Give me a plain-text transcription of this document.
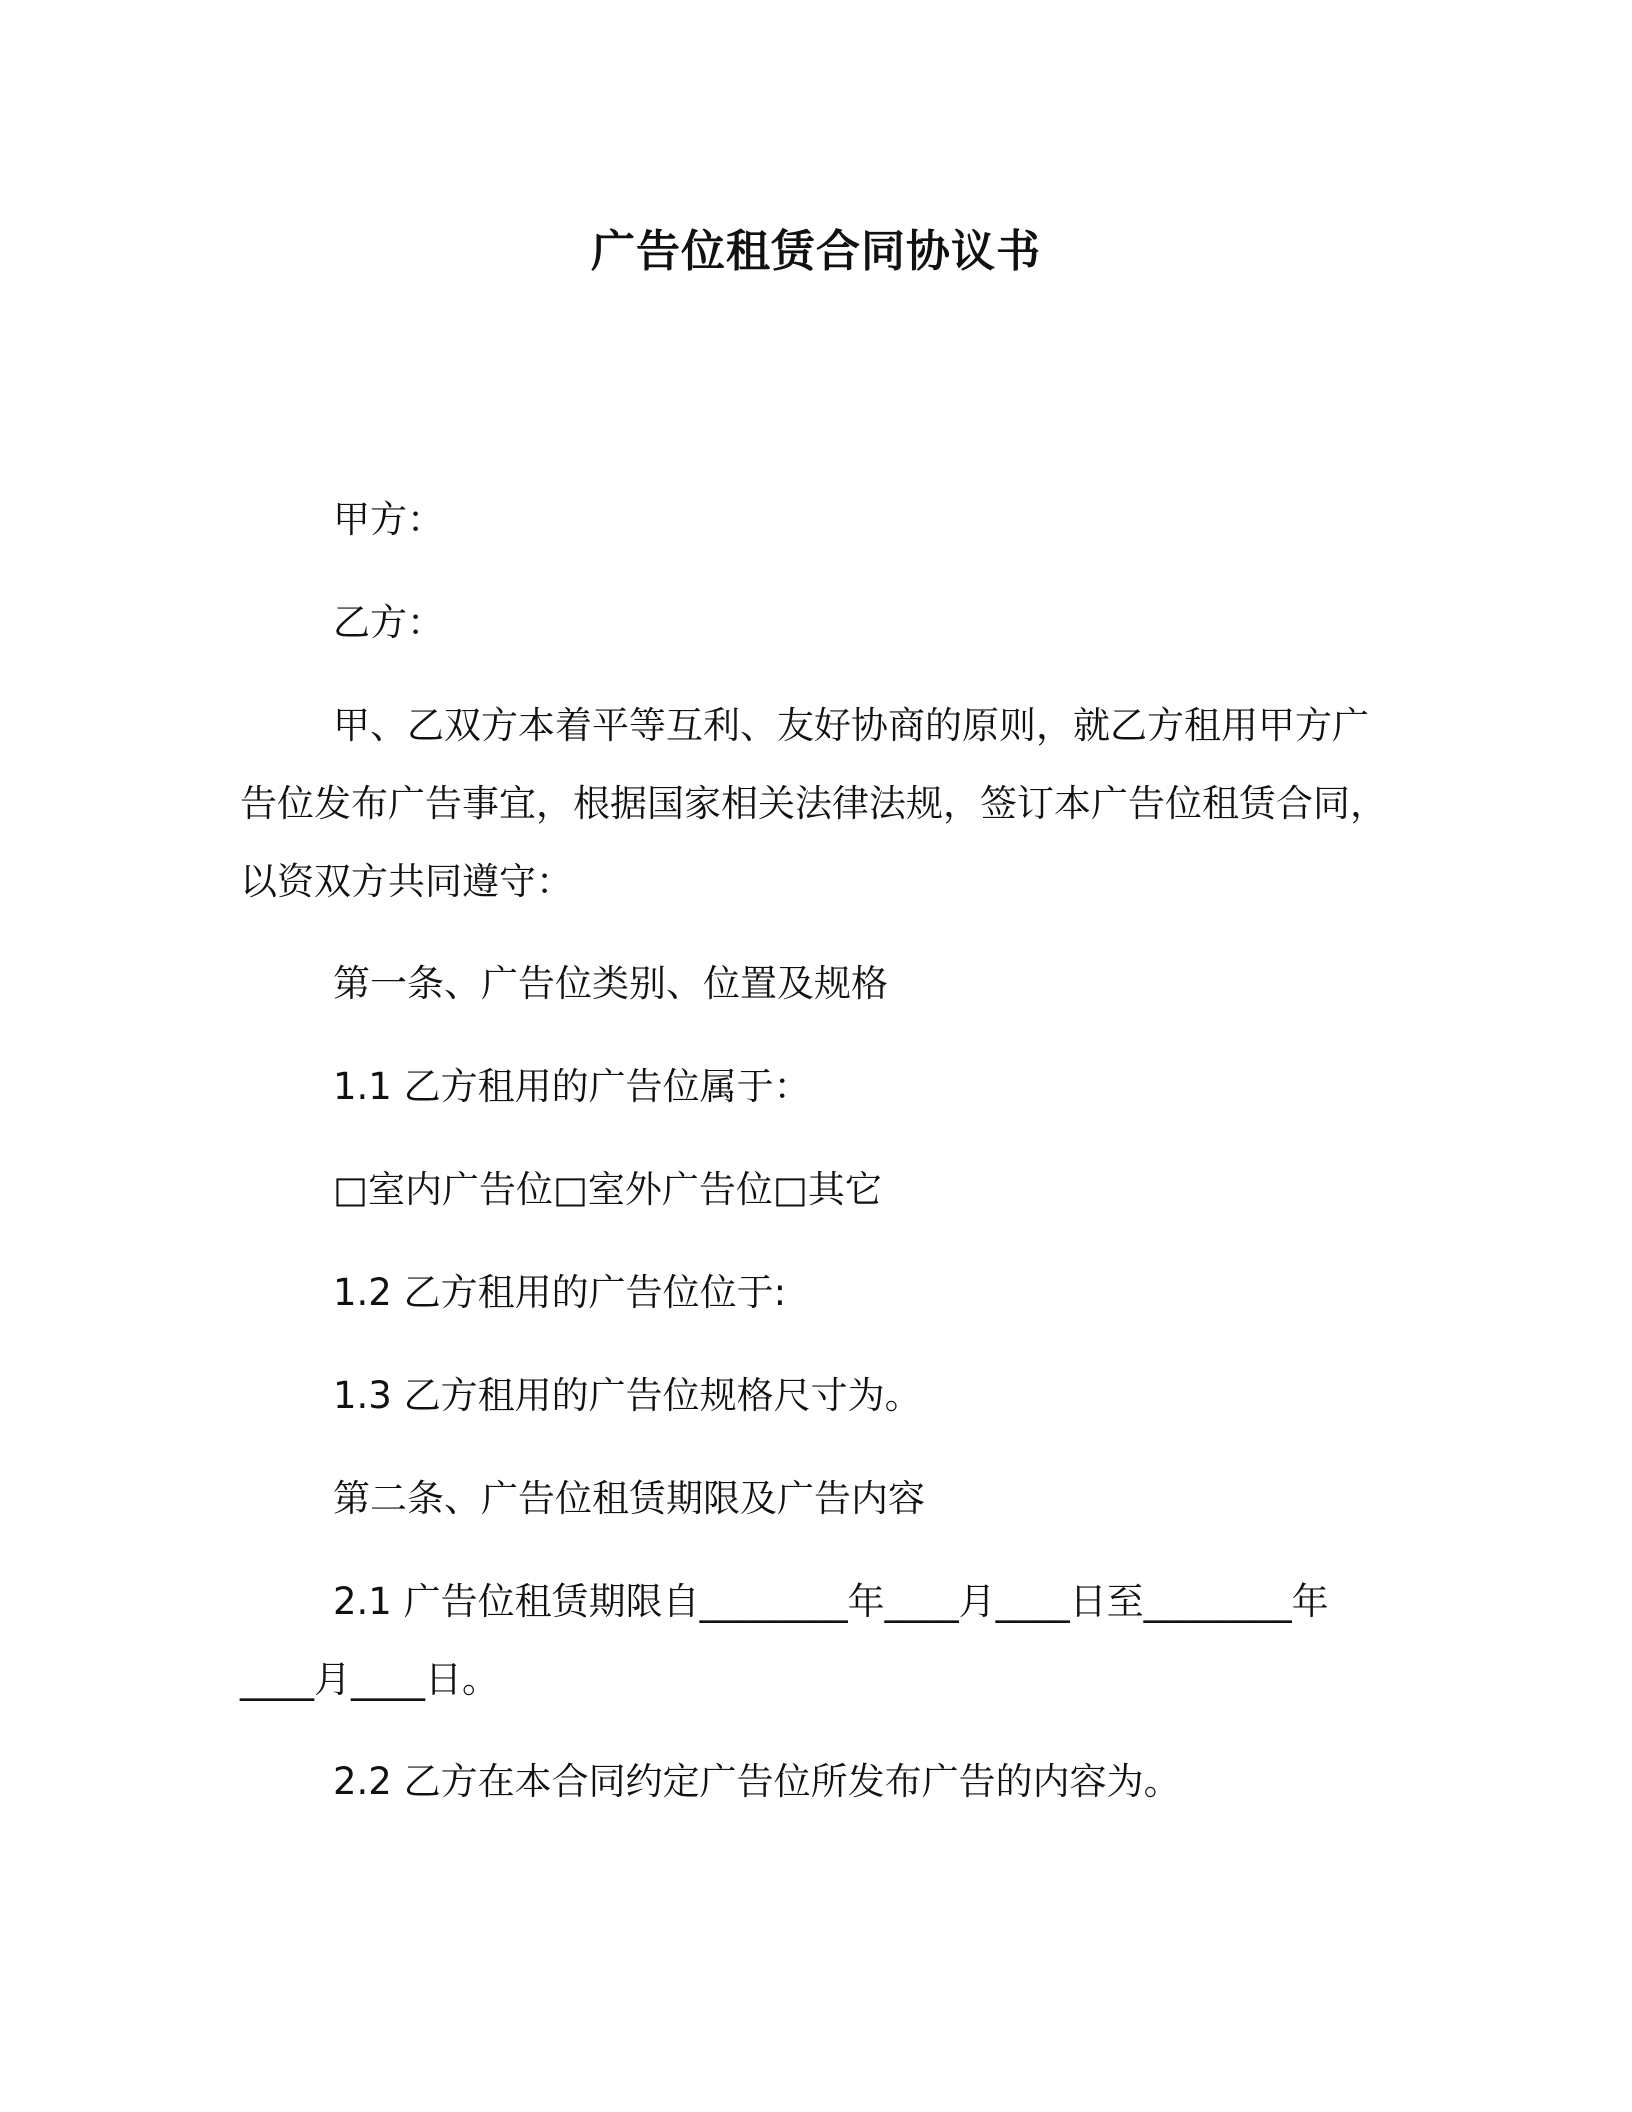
广告位租赁合同协议书

甲方：

乙方：

甲、乙双方本着平等互利、友好协商的原则，就乙方租用甲方广
告位发布广告事宜，根据国家相关法律法规，签订本广告位租赁合同，
以资双方共同遵守：

第一条、广告位类别、位置及规格

1.1 乙方租用的广告位属于：

□室内广告位□室外广告位□其它

1.2 乙方租用的广告位位于:

1.3 乙方租用的广告位规格尺寸为。

第二条、广告位租赁期限及广告内容

2.1 广告位租赁期限自________年____月____日至________年
____月____日。

2.2 乙方在本合同约定广告位所发布广告的内容为。
